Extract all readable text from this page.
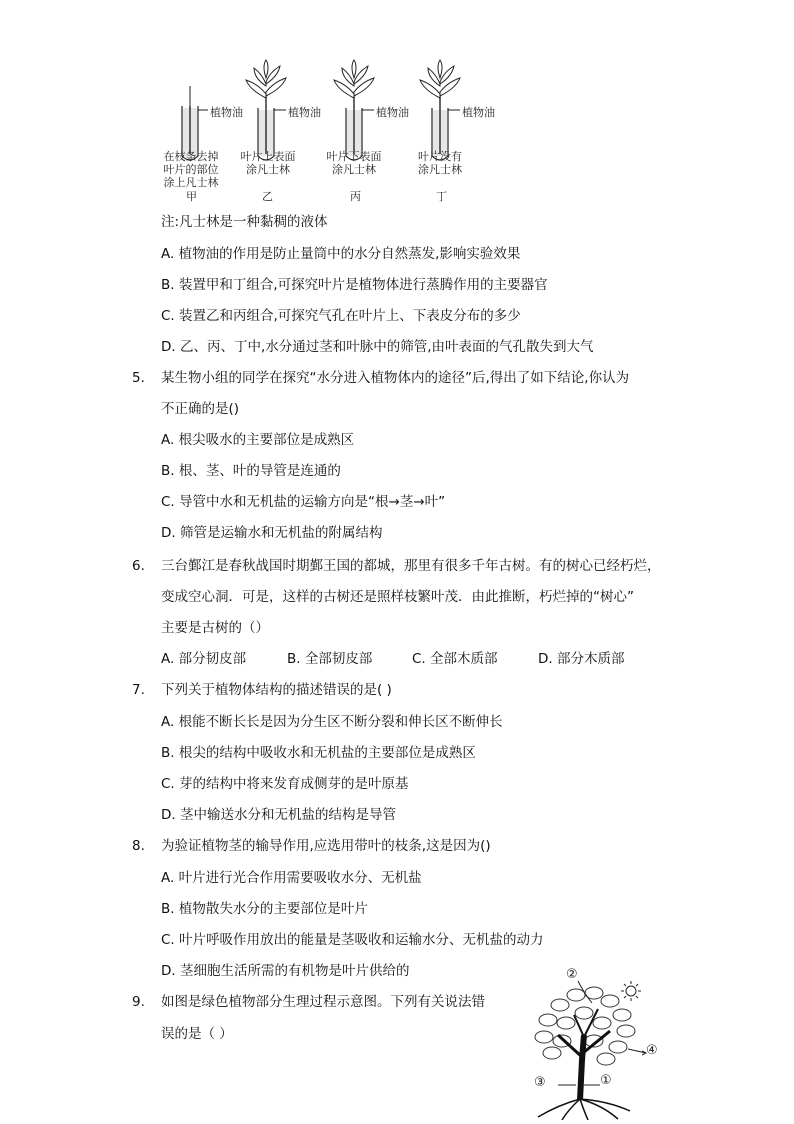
植物油	植物油	植物油	植物油
在枝条去掉
叶片的部位
涂上凡士林
叶片上表面
涂凡士林
叶片下表面
涂凡士林
叶片没有
涂凡士林
甲	乙	丙	丁
注:凡士林是一种黏稠的液体
A. 植物油的作用是防止量筒中的水分自然蒸发,影响实验效果
B. 装置甲和丁组合,可探究叶片是植物体进行蒸腾作用的主要器官
C. 装置乙和丙组合,可探究气孔在叶片上、下表皮分布的多少
D. 乙、丙、丁中,水分通过茎和叶脉中的筛管,由叶表面的气孔散失到大气
5. 某生物小组的同学在探究“水分进入植物体内的途径”后,得出了如下结论,你认为
不正确的是()
A. 根尖吸水的主要部位是成熟区
B. 根、茎、叶的导管是连通的
C. 导管中水和无机盐的运输方向是“根→茎→叶”
D. 筛管是运输水和无机盐的附属结构
6. 三台鄞江是春秋战国时期鄞王国的都城，那里有很多千年古树。有的树心已经朽烂，
变成空心洞．可是，这样的古树还是照样枝繁叶茂．由此推断，朽烂掉的“树心”
主要是古树的（）
A. 部分韧皮部	B. 全部韧皮部	C. 全部木质部	D. 部分木质部
7. 下列关于植物体结构的描述错误的是( )
A. 根能不断长长是因为分生区不断分裂和伸长区不断伸长
B. 根尖的结构中吸收水和无机盐的主要部位是成熟区
C. 芽的结构中将来发育成侧芽的是叶原基
D. 茎中输送水分和无机盐的结构是导管
8. 为验证植物茎的输导作用,应选用带叶的枝条,这是因为()
A. 叶片进行光合作用需要吸收水分、无机盐
B. 植物散失水分的主要部位是叶片
C. 叶片呼吸作用放出的能量是茎吸收和运输水分、无机盐的动力
D. 茎细胞生活所需的有机物是叶片供给的
9. 如图是绿色植物部分生理过程示意图。下列有关说法错
误的是（ ）
②
④
③	①
